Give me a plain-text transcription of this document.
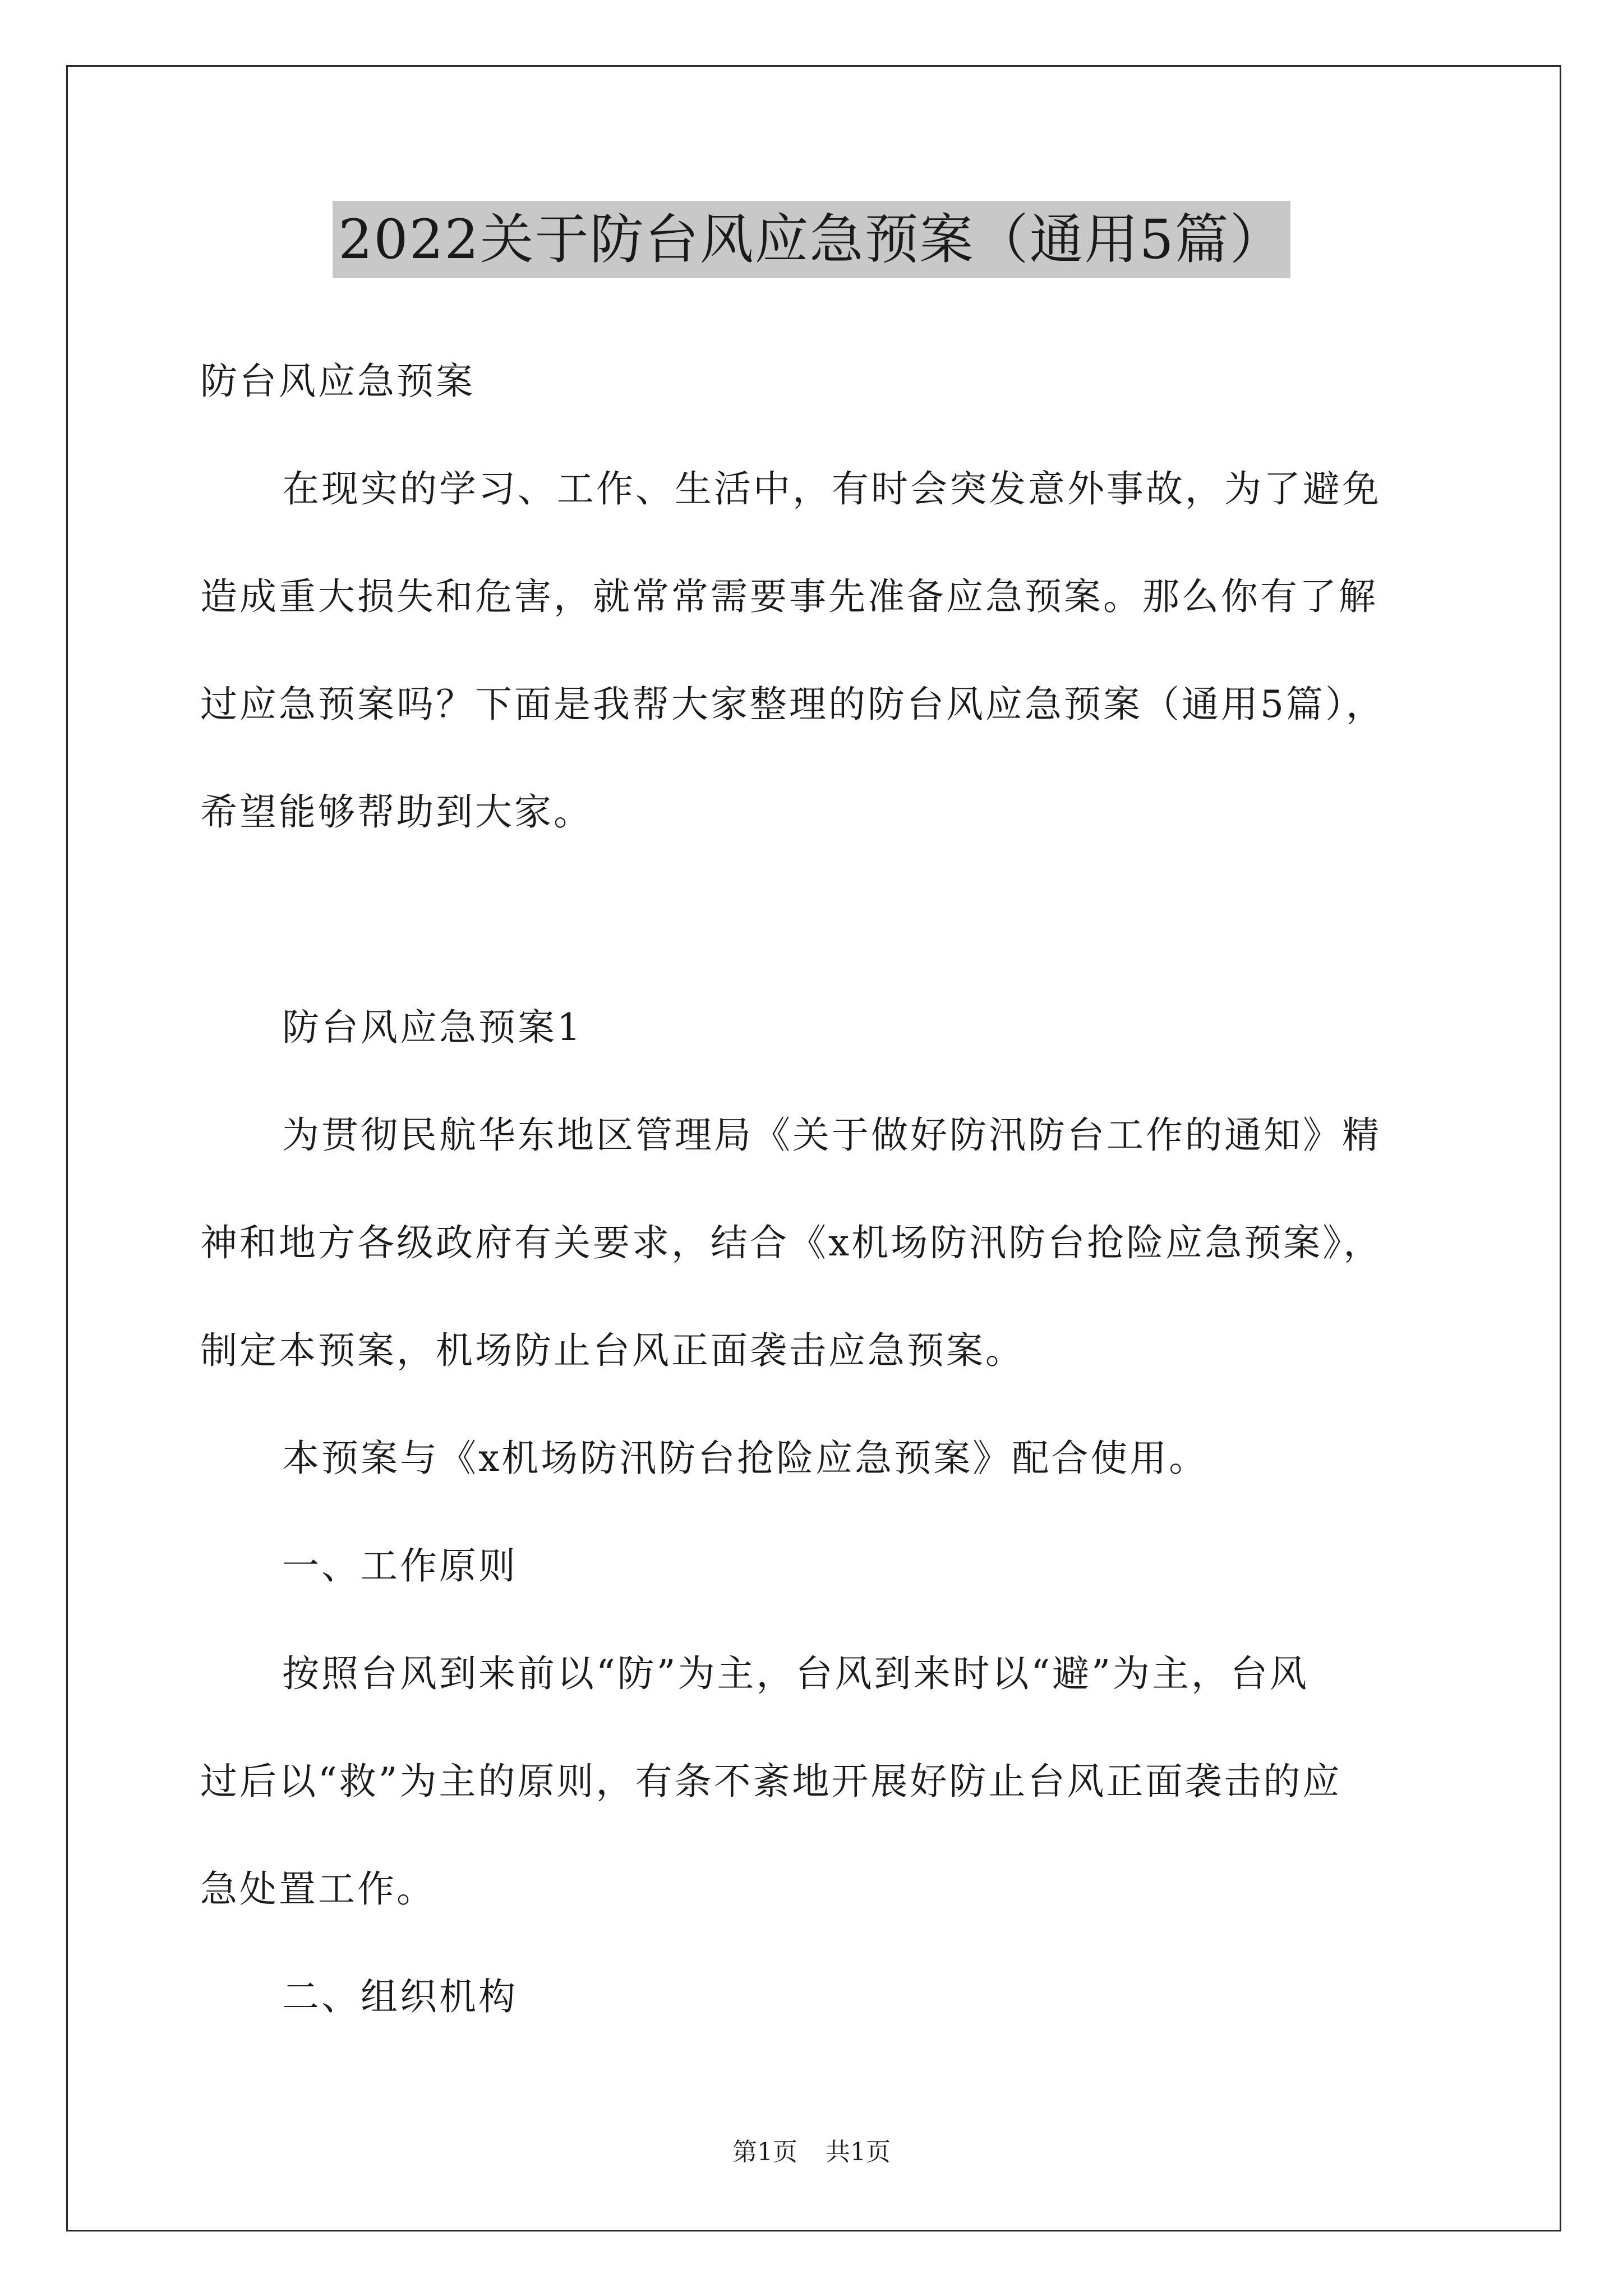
2022关于防台风应急预案（通用5篇）
防台风应急预案
在现实的学习、工作、生活中，有时会突发意外事故，为了避免
造成重大损失和危害，就常常需要事先准备应急预案。那么你有了解
过应急预案吗？下面是我帮大家整理的防台风应急预案（通用5篇），
希望能够帮助到大家。
防台风应急预案1
为贯彻民航华东地区管理局《关于做好防汛防台工作的通知》精
神和地方各级政府有关要求，结合《x机场防汛防台抢险应急预案》，
制定本预案，机场防止台风正面袭击应急预案。
本预案与《x机场防汛防台抢险应急预案》配合使用。
一、工作原则
按照台风到来前以“防”为主，台风到来时以“避”为主，台风
过后以“救”为主的原则，有条不紊地开展好防止台风正面袭击的应
急处置工作。
二、组织机构
第1页 共1页
